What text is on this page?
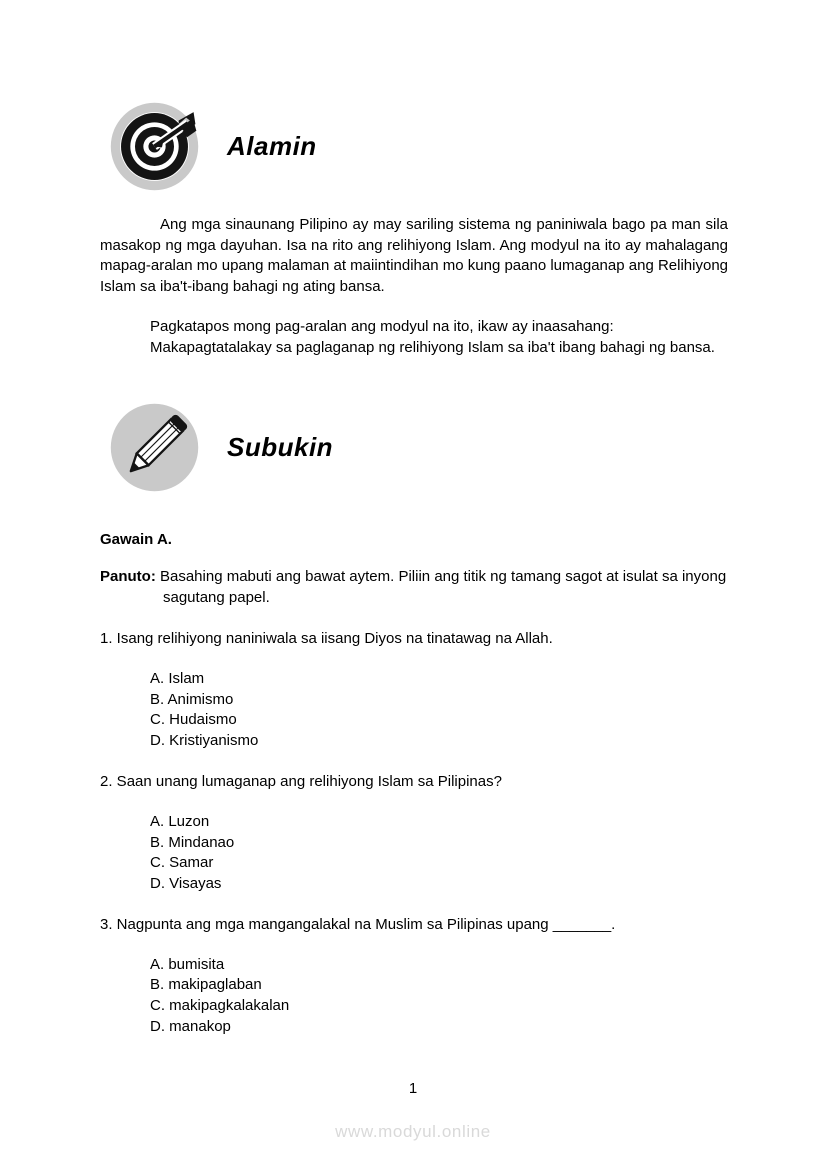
Alamin

Ang mga sinaunang Pilipino ay may sariling sistema ng paniniwala bago pa man sila masakop ng mga dayuhan. Isa na rito ang relihiyong Islam. Ang modyul na ito ay mahalagang mapag-aralan mo upang malaman at maiintindihan mo kung paano lumaganap ang Relihiyong Islam sa iba't-ibang bahagi ng ating bansa.

Pagkatapos mong pag-aralan ang modyul na ito, ikaw ay inaasahang:
Makapagtatalakay sa paglaganap ng relihiyong Islam sa iba't ibang bahagi ng bansa.
Subukin
Gawain A.
Panuto: Basahing mabuti ang bawat aytem. Piliin ang titik ng tamang sagot at isulat sa inyong sagutang papel.
1. Isang relihiyong naniniwala sa iisang Diyos na tinatawag na Allah.
A. Islam
B. Animismo
C. Hudaismo
D. Kristiyanismo
2. Saan unang lumaganap ang relihiyong Islam sa Pilipinas?
A. Luzon
B. Mindanao
C. Samar
D. Visayas
3. Nagpunta ang mga mangangalakal na Muslim sa Pilipinas upang _______.
A. bumisita
B. makipaglaban
C. makipagkalakalan
D. manakop
1
www.modyul.online
